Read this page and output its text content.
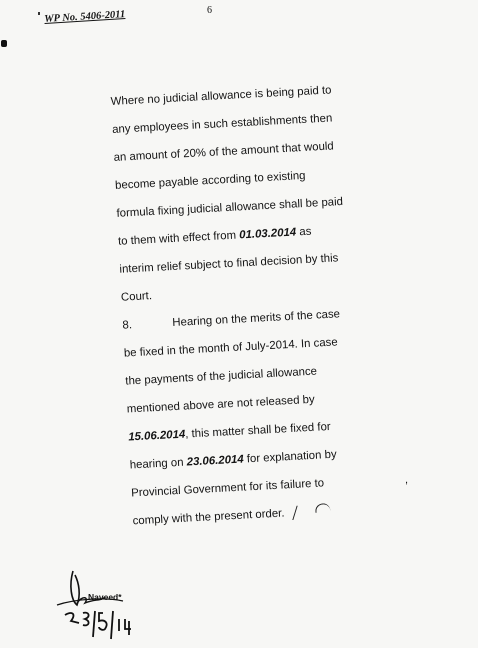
WP No. 5406-2011	6
Where no judicial allowance is being paid to
any employees in such establishments then
an amount of 20% of the amount that would
become payable according to existing
formula fixing judicial allowance shall be paid
to them with effect from 01.03.2014 as
interim relief subject to final decision by this
Court.
8.	Hearing on the merits of the case
be fixed in the month of July-2014. In case
the payments of the judicial allowance
mentioned above are not released by
15.06.2014, this matter shall be fixed for
hearing on 23.06.2014 for explanation by
Provincial Government for its failure to
comply with the present order.
,
Naveed*
